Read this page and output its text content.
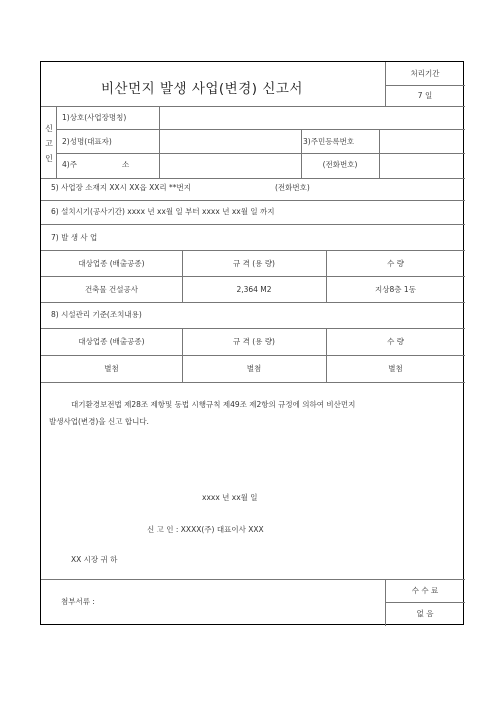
비산먼지 발생 사업(변경) 신고서
처리기간
7 일
신
고
인
1)상호(사업장명칭)
2)성명(대표자)	3)주민등록번호
4)주	소	(전화번호)
5) 사업장 소재지 XX시 XX읍 XX리 **번지	(전화번호)
6) 설치시기(공사기간) xxxx 년 xx월 일 부터 xxxx 년 xx월 일 까지
7) 발 생 사 업
대상업종 (배출공종)	규 격 (용 량)	수 량
건축물 건설공사	2,364 M2	지상8층 1동
8) 시설관리 기준(조치내용)
대상업종 (배출공종)	규 격 (용 량)	수 량
별첨	별첨	별첨
대기환경보전법 제28조 제항및 동법 시행규칙 제49조 제2항의 규정에 의하여 비산먼지
발생사업(변경)을 신고 합니다.
xxxx 년 xx월 일
신 고 인 : XXXX(주) 대표이사 XXX
XX 시장 귀 하
첨부서류 :
수 수 료
없 음
